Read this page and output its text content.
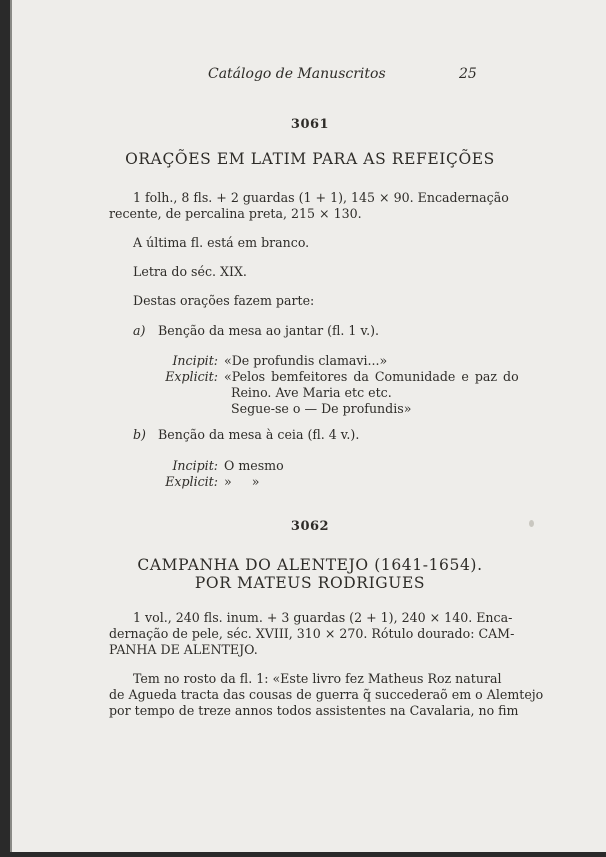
Catálogo de Manuscritos	25
3061
ORAÇÕES EM LATIM PARA AS REFEIÇÕES
1 folh., 8 fls. + 2 guardas (1 + 1), 145 × 90. Encadernação
recente, de percalina preta, 215 × 130.
A última fl. está em branco.
Letra do séc. XIX.
Destas orações fazem parte:
a) Benção da mesa ao jantar (fl. 1 v.).
Incipit: «De profundis clamavi...»
Explicit: «Pelos bemfeitores da Comunidade e paz do
Reino. Ave Maria etc etc.
Segue-se o — De profundis»
b) Benção da mesa à ceia (fl. 4 v.).
Incipit: O mesmo
Explicit: »     »
3062
CAMPANHA DO ALENTEJO (1641-1654).
POR MATEUS RODRIGUES
1 vol., 240 fls. inum. + 3 guardas (2 + 1), 240 × 140. Enca-
dernação de pele, séc. XVIII, 310 × 270. Rótulo dourado: CAM-
PANHA DE ALENTEJO.
Tem no rosto da fl. 1: «Este livro fez Matheus Roz natural
de Agueda tracta das cousas de guerra q̃ succederaõ em o Alemtejo
por tempo de treze annos todos assistentes na Cavalaria, no fim
